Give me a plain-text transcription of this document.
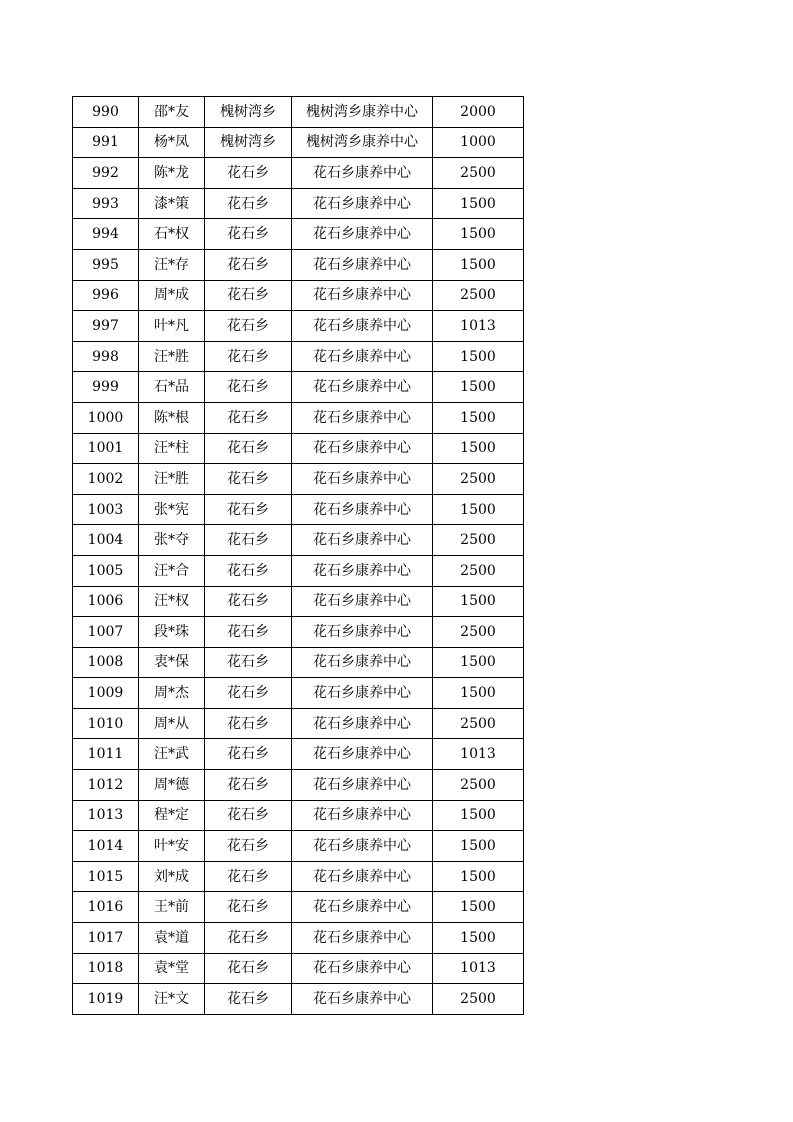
990	邵*友	槐树湾乡	槐树湾乡康养中心	2000
991	杨*凤	槐树湾乡	槐树湾乡康养中心	1000
992	陈*龙	花石乡	花石乡康养中心	2500
993	漆*策	花石乡	花石乡康养中心	1500
994	石*权	花石乡	花石乡康养中心	1500
995	汪*存	花石乡	花石乡康养中心	1500
996	周*成	花石乡	花石乡康养中心	2500
997	叶*凡	花石乡	花石乡康养中心	1013
998	汪*胜	花石乡	花石乡康养中心	1500
999	石*品	花石乡	花石乡康养中心	1500
1000	陈*根	花石乡	花石乡康养中心	1500
1001	汪*柱	花石乡	花石乡康养中心	1500
1002	汪*胜	花石乡	花石乡康养中心	2500
1003	张*宪	花石乡	花石乡康养中心	1500
1004	张*夺	花石乡	花石乡康养中心	2500
1005	汪*合	花石乡	花石乡康养中心	2500
1006	汪*权	花石乡	花石乡康养中心	1500
1007	段*珠	花石乡	花石乡康养中心	2500
1008	衷*保	花石乡	花石乡康养中心	1500
1009	周*杰	花石乡	花石乡康养中心	1500
1010	周*从	花石乡	花石乡康养中心	2500
1011	汪*武	花石乡	花石乡康养中心	1013
1012	周*德	花石乡	花石乡康养中心	2500
1013	程*定	花石乡	花石乡康养中心	1500
1014	叶*安	花石乡	花石乡康养中心	1500
1015	刘*成	花石乡	花石乡康养中心	1500
1016	王*前	花石乡	花石乡康养中心	1500
1017	袁*道	花石乡	花石乡康养中心	1500
1018	袁*堂	花石乡	花石乡康养中心	1013
1019	汪*文	花石乡	花石乡康养中心	2500
